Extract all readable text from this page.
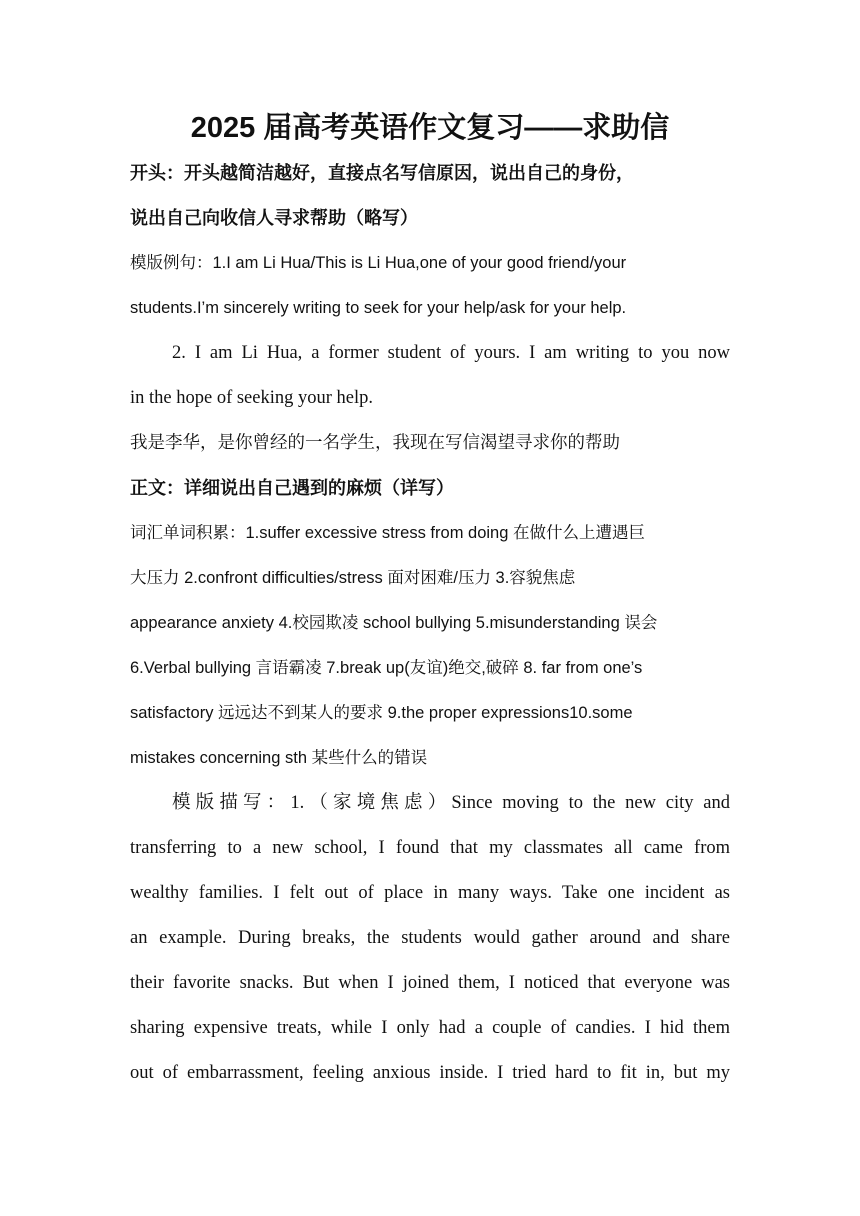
2025 届高考英语作文复习——求助信
开头：开头越简洁越好，直接点名写信原因，说出自己的身份，
说出自己向收信人寻求帮助（略写）
模版例句：1.I am Li Hua/This is Li Hua,one of your good friend/your
students.I’m sincerely writing to seek for your help/ask for your help.
2. I am Li Hua, a former student of yours. I am writing to you now
in the hope of seeking your help.
我是李华，是你曾经的一名学生，我现在写信渴望寻求你的帮助
正文：详细说出自己遇到的麻烦（详写）
词汇单词积累：1.suffer excessive stress from doing 在做什么上遭遇巨
大压力 2.confront difficulties/stress 面对困难/压力 3.容貌焦虑
appearance anxiety 4.校园欺凌 school bullying 5.misunderstanding 误会
6.Verbal bullying 言语霸凌 7.break up(友谊)绝交,破碎 8. far from one’s
satisfactory 远远达不到某人的要求 9.the proper expressions10.some
mistakes concerning sth 某些什么的错误
模版描写：1.（家境焦虑）Since moving to the new city and
transferring to a new school, I found that my classmates all came from
wealthy families. I felt out of place in many ways. Take one incident as
an example. During breaks, the students would gather around and share
their favorite snacks. But when I joined them, I noticed that everyone was
sharing expensive treats, while I only had a couple of candies. I hid them
out of embarrassment, feeling anxious inside. I tried hard to fit in, but my
